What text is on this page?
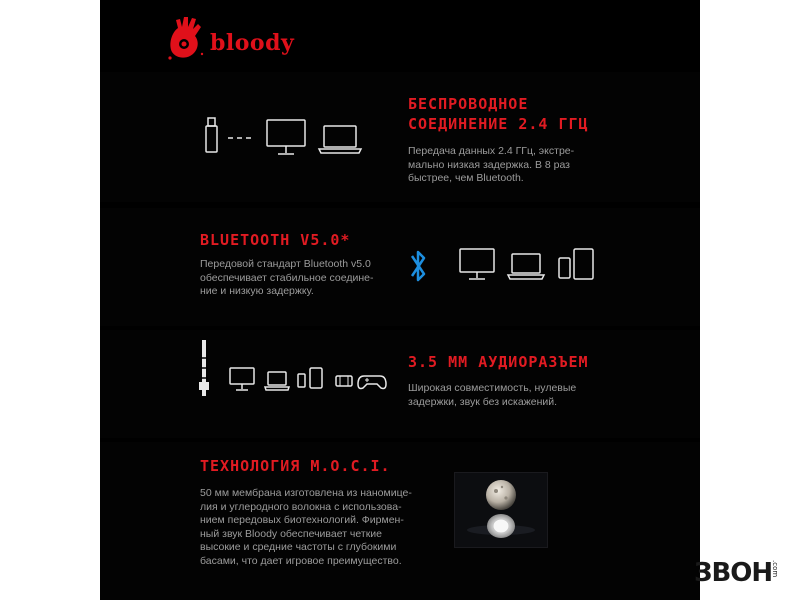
bloody
БЕСПРОВОДНОЕ
СОЕДИНЕНИЕ 2.4 ГГЦ
Передача данных 2.4 ГГц, экстре-
мально низкая задержка. В 8 раз
быстрее, чем Bluetooth.
BLUETOOTH V5.0*
Передовой стандарт Bluetooth v5.0
обеспечивает стабильное соедине-
ние и низкую задержку.
3.5 ММ АУДИОРАЗЪЕМ
Широкая совместимость, нулевые
задержки, звук без искажений.
ТЕХНОЛОГИЯ M.O.C.I.
50 мм мембрана изготовлена из наномице-
лия и углеродного волокна с использова-
нием передовых биотехнологий. Фирмен-
ный звук Bloody обеспечивает четкие
высокие и средние частоты с глубокими
басами, что дает игровое преимущество.	ЗВОН
.com
